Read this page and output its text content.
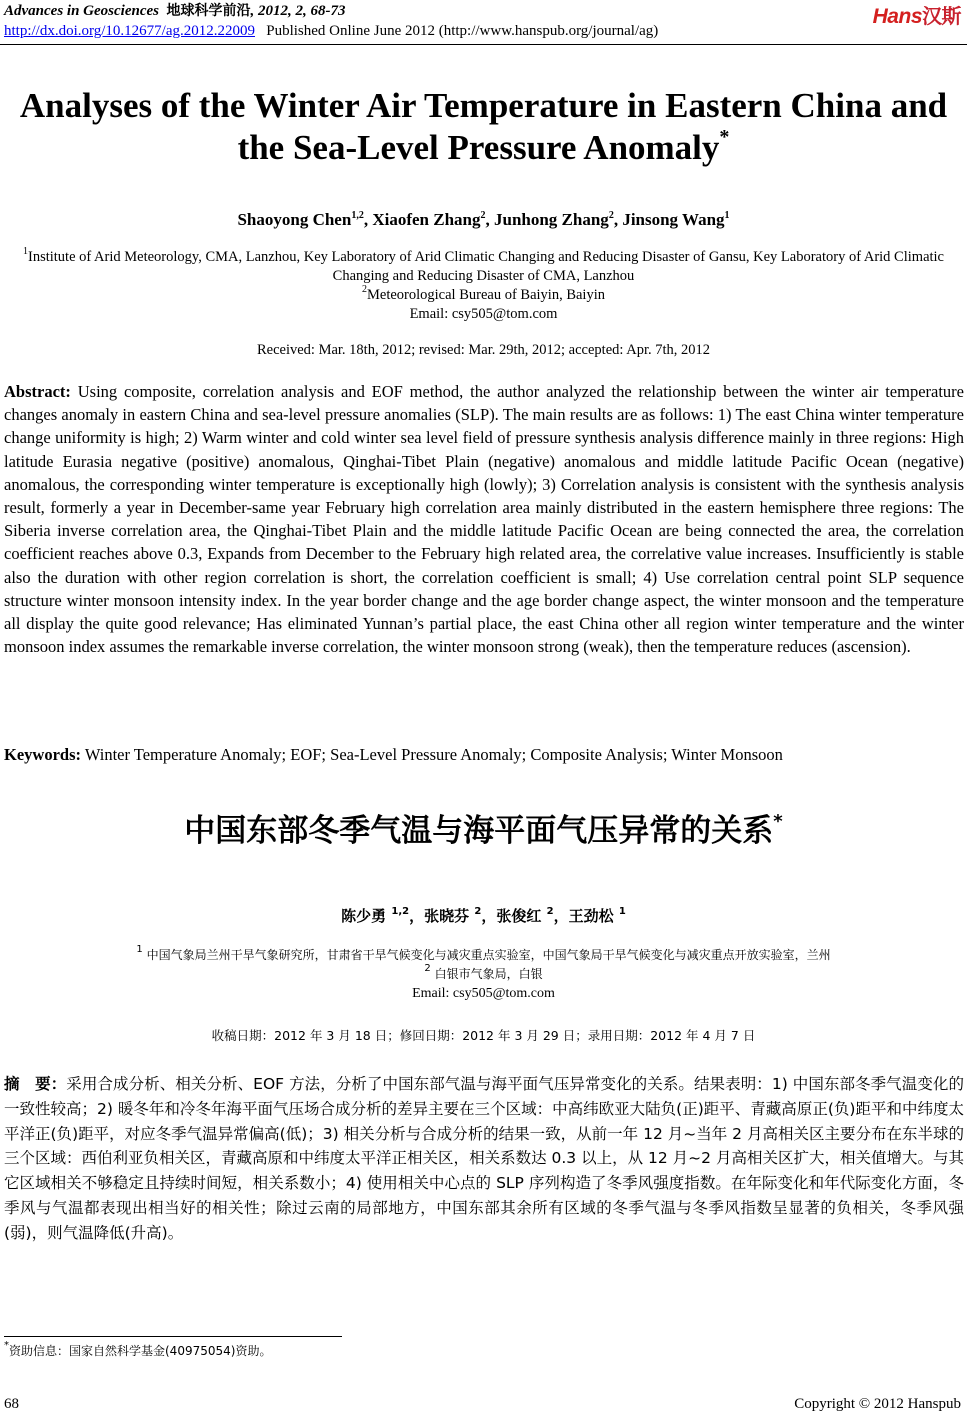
Advances in Geosciences 地球科学前沿, 2012, 2, 68-73
http://dx.doi.org/10.12677/ag.2012.22009 Published Online June 2012 (http://www.hanspub.org/journal/ag)
Hans汉斯
Analyses of the Winter Air Temperature in Eastern China and the Sea-Level Pressure Anomaly*
Shaoyong Chen$^{1,2}$, Xiaofen Zhang$^2$, Junhong Zhang$^2$, Jinsong Wang$^1$
$^1$Institute of Arid Meteorology, CMA, Lanzhou, Key Laboratory of Arid Climatic Changing and Reducing Disaster of Gansu, Key Laboratory of Arid Climatic Changing and Reducing Disaster of CMA, Lanzhou
$^2$Meteorological Bureau of Baiyin, Baiyin
Email: csy505@tom.com
Received: Mar. 18th, 2012; revised: Mar. 29th, 2012; accepted: Apr. 7th, 2012
Abstract: Using composite, correlation analysis and EOF method, the author analyzed the relationship between the winter air temperature changes anomaly in eastern China and sea-level pressure anomalies (SLP). The main results are as follows: 1) The east China winter temperature change uniformity is high; 2) Warm winter and cold winter sea level field of pressure synthesis analysis difference mainly in three regions: High latitude Eurasia negative (positive) anomalous, Qinghai-Tibet Plain (negative) anomalous and middle latitude Pacific Ocean (negative) anomalous, the corresponding winter temperature is exceptionally high (lowly); 3) Correlation analysis is consistent with the synthesis analysis result, formerly a year in December-same year February high correlation area mainly distributed in the eastern hemisphere three regions: The Siberia inverse correlation area, the Qinghai-Tibet Plain and the middle latitude Pacific Ocean are being connected the area, the correlation coefficient reaches above 0.3, Expands from December to the February high related area, the correlative value increases. Insufficiently is stable also the duration with other region correlation is short, the correlation coefficient is small; 4) Use correlation central point SLP sequence structure winter monsoon intensity index. In the year border change and the age border change aspect, the winter monsoon and the temperature all display the quite good relevance; Has eliminated Yunnan’s partial place, the east China other all region winter temperature and the winter monsoon index assumes the remarkable inverse correlation, the winter monsoon strong (weak), then the temperature reduces (ascension).
Keywords: Winter Temperature Anomaly; EOF; Sea-Level Pressure Anomaly; Composite Analysis; Winter Monsoon
中国东部冬季气温与海平面气压异常的关系*
陈少勇 $^{1,2}$，张晓芬 $^2$，张俊红 $^2$，王劲松 $^1$
$^1$ 中国气象局兰州干旱气象研究所，甘肃省干旱气候变化与减灾重点实验室，中国气象局干旱气候变化与减灾重点开放实验室，兰州
$^2$ 白银市气象局，白银
Email: csy505@tom.com
收稿日期：2012 年 3 月 18 日；修回日期：2012 年 3 月 29 日；录用日期：2012 年 4 月 7 日
摘　要：采用合成分析、相关分析、EOF 方法，分析了中国东部气温与海平面气压异常变化的关系。结果表明：1) 中国东部冬季气温变化的一致性较高；2) 暖冬年和冷冬年海平面气压场合成分析的差异主要在三个区域：中高纬欧亚大陆负(正)距平、青藏高原正(负)距平和中纬度太平洋正(负)距平，对应冬季气温异常偏高(低)；3) 相关分析与合成分析的结果一致，从前一年 12 月~当年 2 月高相关区主要分布在东半球的三个区域：西伯利亚负相关区，青藏高原和中纬度太平洋正相关区，相关系数达 0.3 以上，从 12 月~2 月高相关区扩大，相关值增大。与其它区域相关不够稳定且持续时间短，相关系数小；4) 使用相关中心点的 SLP 序列构造了冬季风强度指数。在年际变化和年代际变化方面，冬季风与气温都表现出相当好的相关性；除过云南的局部地方，中国东部其余所有区域的冬季气温与冬季风指数呈显著的负相关，冬季风强(弱)，则气温降低(升高)。
*资助信息：国家自然科学基金(40975054)资助。
68	Copyright © 2012 Hanspub
